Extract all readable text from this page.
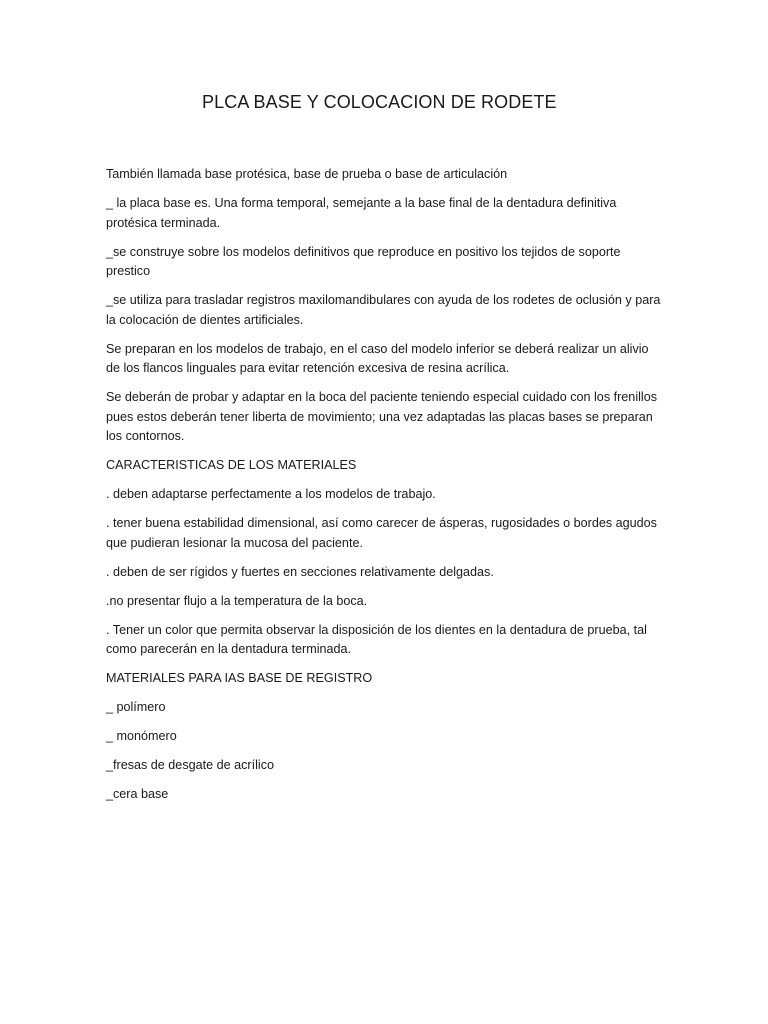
PLCA BASE Y COLOCACION DE RODETE

También llamada base protésica, base de prueba o base de articulación

_ la placa base es. Una forma temporal, semejante a la base final de la dentadura definitiva protésica terminada.

_se construye sobre los modelos definitivos que reproduce en positivo los tejidos de soporte prestico

_se utiliza para trasladar registros maxilomandibulares con ayuda de los rodetes de oclusión y para la colocación de dientes artificiales.

Se preparan en los modelos de trabajo, en el caso del modelo inferior se deberá realizar un alivio de los flancos linguales para evitar retención excesiva de resina acrílica.

Se deberán de probar y adaptar en la boca del paciente teniendo especial cuidado con los frenillos pues estos deberán tener liberta de movimiento; una vez adaptadas las placas bases se preparan los contornos.

CARACTERISTICAS DE LOS MATERIALES

. deben adaptarse perfectamente a los modelos de trabajo.

. tener buena estabilidad dimensional, así como carecer de ásperas, rugosidades o bordes agudos que pudieran lesionar la mucosa del paciente.

. deben de ser rígidos y fuertes en secciones relativamente delgadas.

.no presentar flujo a la temperatura de la boca.

. Tener un color que permita observar la disposición de los dientes en la dentadura de prueba, tal como parecerán en la dentadura terminada.

MATERIALES PARA IAS BASE DE REGISTRO

_ polímero

_ monómero

_fresas de desgate de acrílico

_cera base
